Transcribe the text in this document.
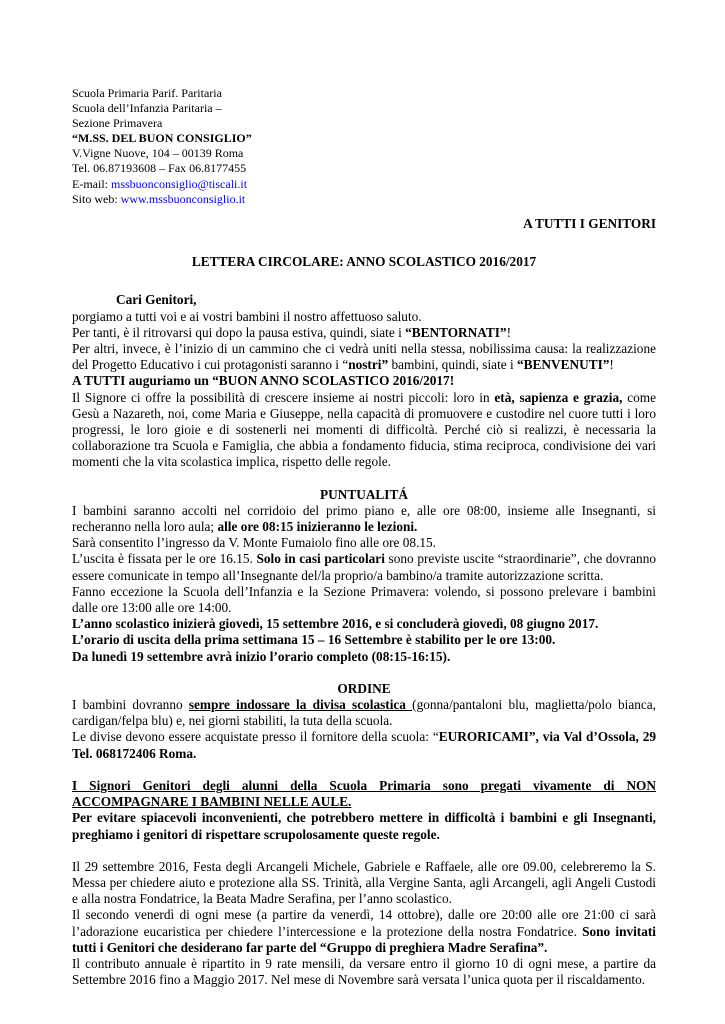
Scuola Primaria Parif. Paritaria
Scuola dell’Infanzia Paritaria –
Sezione Primavera
“M.SS. DEL BUON CONSIGLIO”
V.Vigne Nuove, 104 – 00139 Roma
Tel. 06.87193608 – Fax 06.8177455
E-mail: mssbuonconsiglio@tiscali.it
Sito web: www.mssbuonconsiglio.it

A TUTTI I GENITORI

LETTERA CIRCOLARE: ANNO SCOLASTICO 2016/2017

Cari Genitori,

porgiamo a tutti voi e ai vostri bambini il nostro affettuoso saluto.

Per tanti, è il ritrovarsi qui dopo la pausa estiva, quindi, siate i “BENTORNATI”!

Per altri, invece, è l’inizio di un cammino che ci vedrà uniti nella stessa, nobilissima causa: la realizzazione del Progetto Educativo i cui protagonisti saranno i “nostri” bambini, quindi, siate i “BENVENUTI”!

A TUTTI auguriamo un “BUON ANNO SCOLASTICO 2016/2017!

Il Signore ci offre la possibilità di crescere insieme ai nostri piccoli: loro in età, sapienza e grazia, come Gesù a Nazareth, noi, come Maria e Giuseppe, nella capacità di promuovere e custodire nel cuore tutti i loro progressi, le loro gioie e di sostenerli nei momenti di difficoltà. Perché ciò si realizzi, è necessaria la collaborazione tra Scuola e Famiglia, che abbia a fondamento fiducia, stima reciproca, condivisione dei vari momenti che la vita scolastica implica, rispetto delle regole.

PUNTUALITÁ

I bambini saranno accolti nel corridoio del primo piano e, alle ore 08:00, insieme alle Insegnanti, si recheranno nella loro aula; alle ore 08:15 inizieranno le lezioni.

Sarà consentito l’ingresso da V. Monte Fumaiolo fino alle ore 08.15.

L’uscita è fissata per le ore 16.15. Solo in casi particolari sono previste uscite “straordinarie”, che dovranno essere comunicate in tempo all’Insegnante del/la proprio/a bambino/a tramite autorizzazione scritta.

Fanno eccezione la Scuola dell’Infanzia e la Sezione Primavera: volendo, si possono prelevare i bambini dalle ore 13:00 alle ore 14:00.

L’anno scolastico inizierà giovedì, 15 settembre 2016, e si concluderà giovedì, 08 giugno 2017.

L’orario di uscita della prima settimana 15 – 16 Settembre è stabilito per le ore 13:00.

Da lunedì 19 settembre avrà inizio l’orario completo (08:15-16:15).

ORDINE

I bambini dovranno sempre indossare la divisa scolastica (gonna/pantaloni blu, maglietta/polo bianca, cardigan/felpa blu) e, nei giorni stabiliti, la tuta della scuola.

Le divise devono essere acquistate presso il fornitore della scuola: “EURORICAMI”, via Val d’Ossola, 29 Tel. 068172406 Roma.

I Signori Genitori degli alunni della Scuola Primaria sono pregati vivamente di NON ACCOMPAGNARE I BAMBINI NELLE AULE.

Per evitare spiacevoli inconvenienti, che potrebbero mettere in difficoltà i bambini e gli Insegnanti, preghiamo i genitori di rispettare scrupolosamente queste regole.

Il 29 settembre 2016, Festa degli Arcangeli Michele, Gabriele e Raffaele, alle ore 09.00, celebreremo la S. Messa per chiedere aiuto e protezione alla SS. Trinità, alla Vergine Santa, agli Arcangeli, agli Angeli Custodi e alla nostra Fondatrice, la Beata Madre Serafina, per l’anno scolastico.

Il secondo venerdì di ogni mese (a partire da venerdì, 14 ottobre), dalle ore 20:00 alle ore 21:00 ci sarà l’adorazione eucaristica per chiedere l’intercessione e la protezione della nostra Fondatrice. Sono invitati tutti i Genitori che desiderano far parte del “Gruppo di preghiera Madre Serafina”.

Il contributo annuale è ripartito in 9 rate mensili, da versare entro il giorno 10 di ogni mese, a partire da Settembre 2016 fino a Maggio 2017. Nel mese di Novembre sarà versata l’unica quota per il riscaldamento.
